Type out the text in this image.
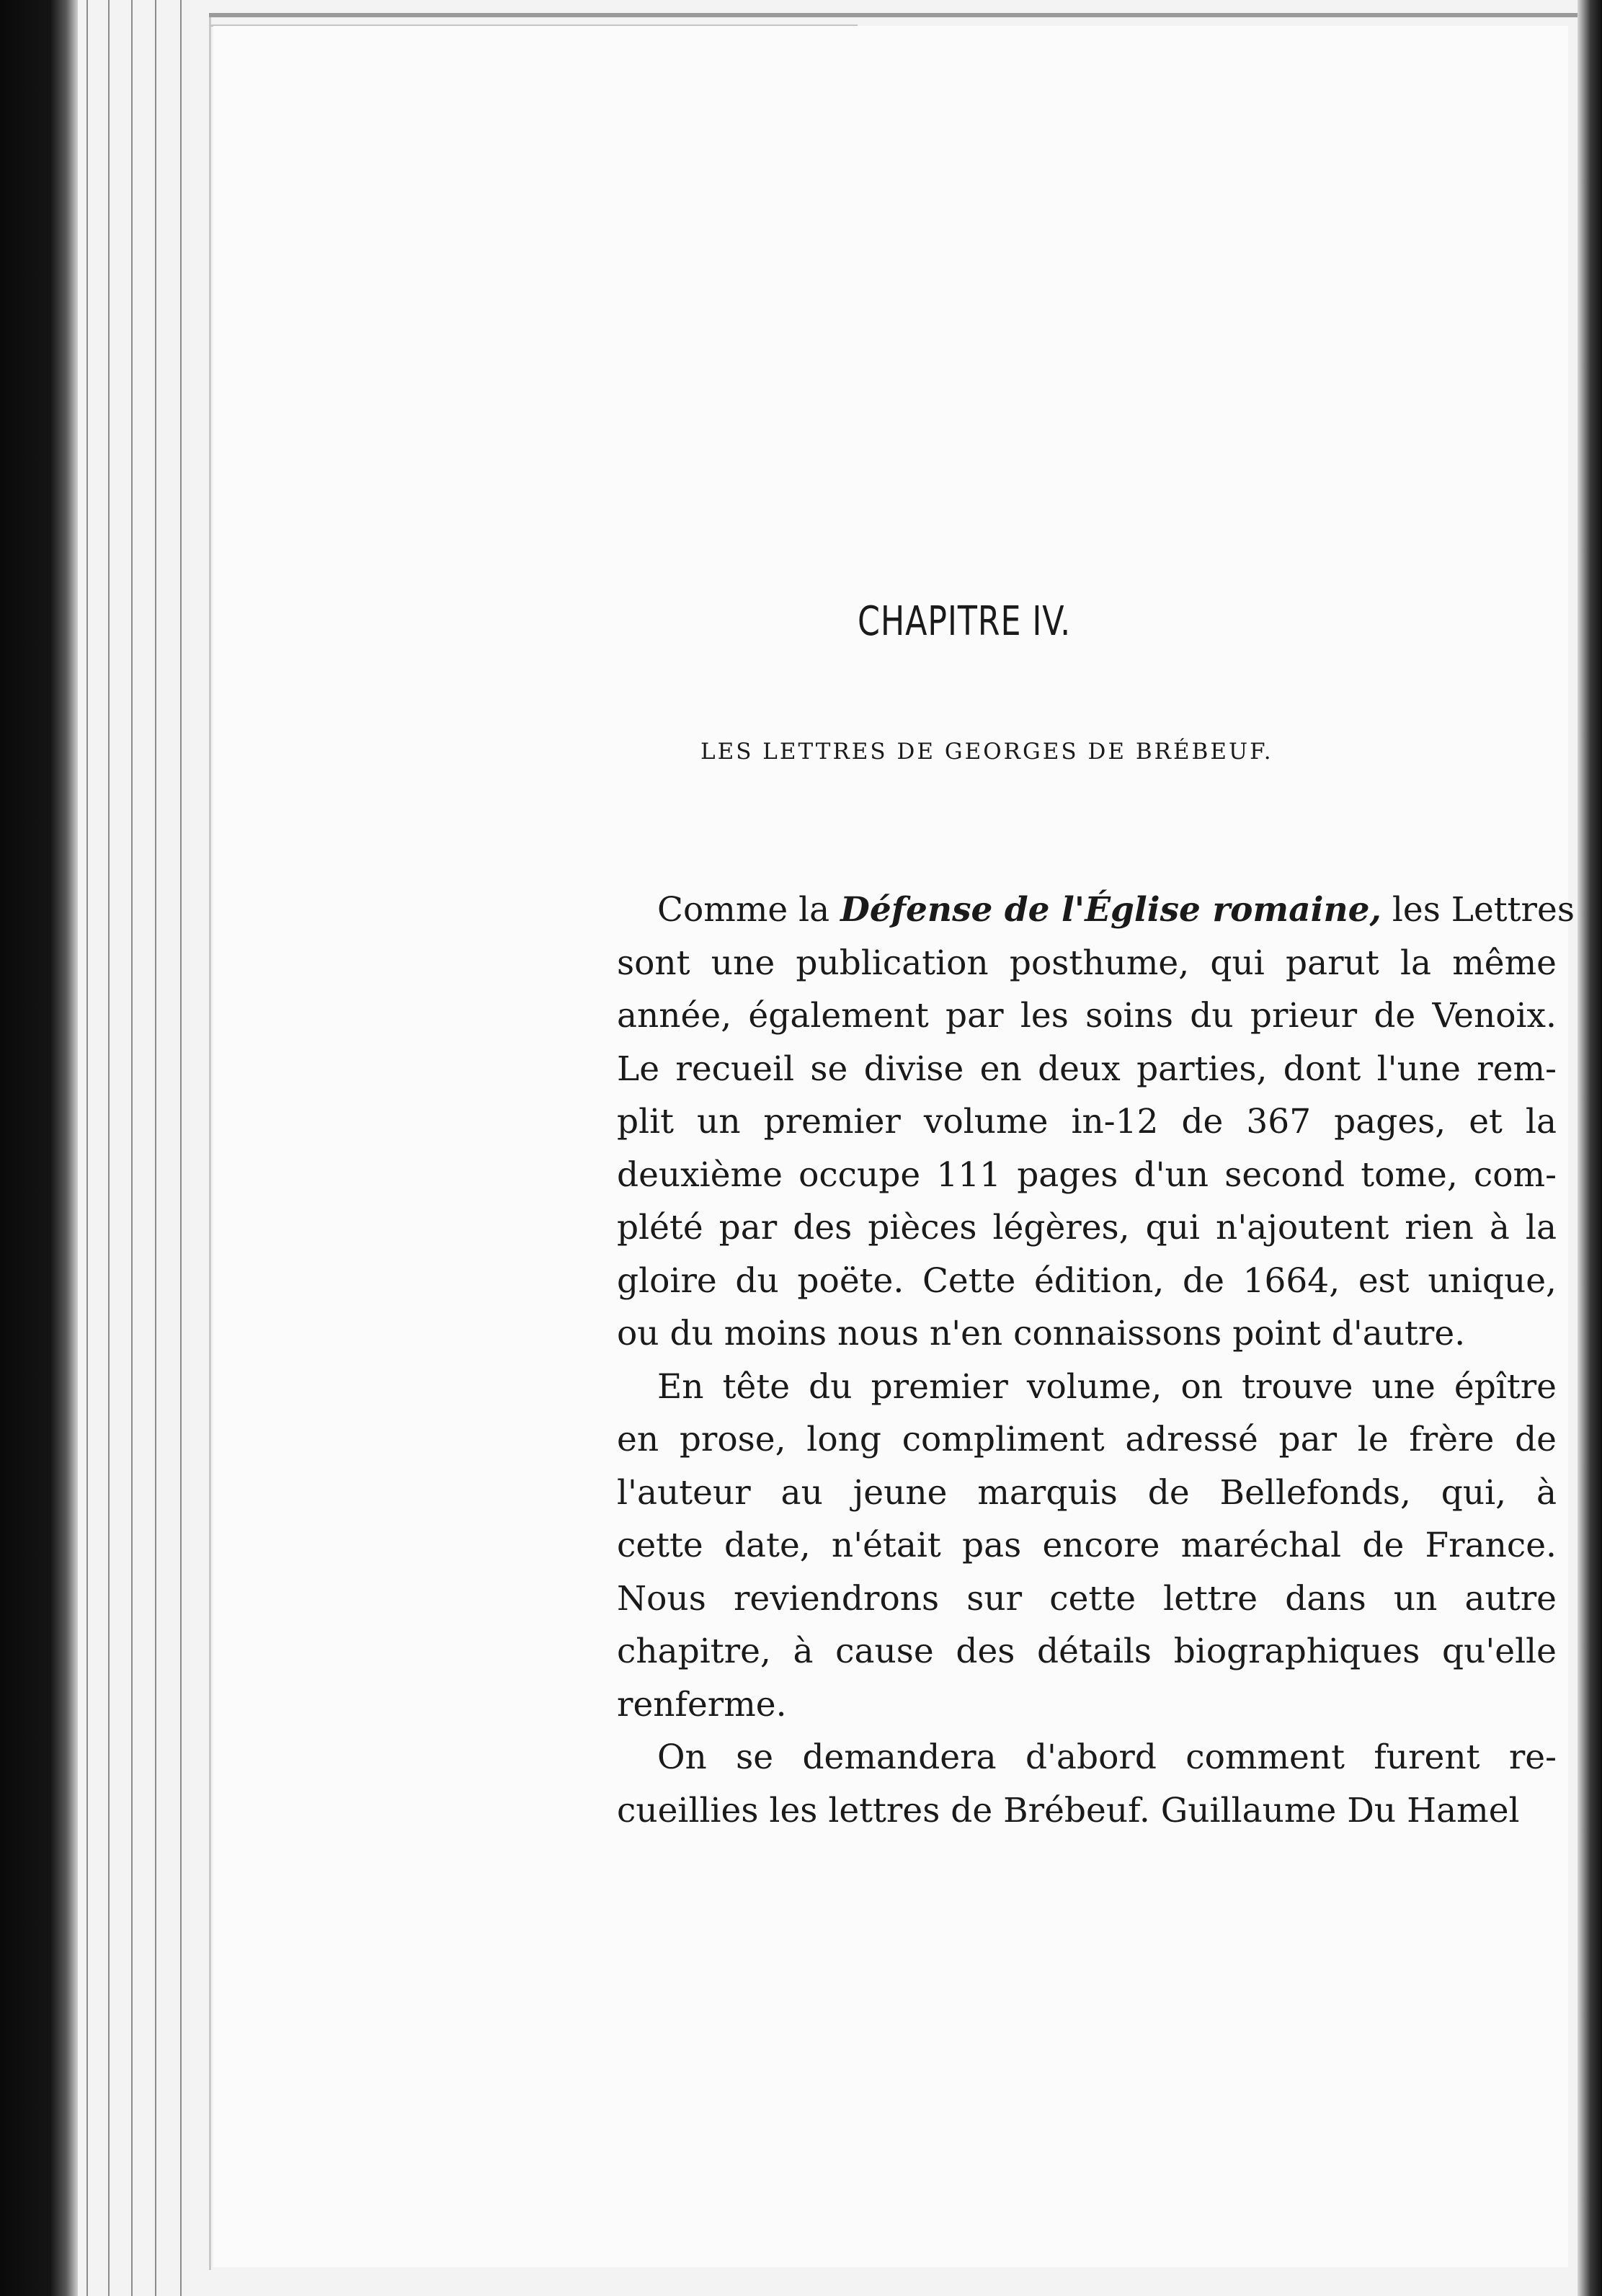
CHAPITRE IV.
LES LETTRES DE GEORGES DE BRÉBEUF.

Comme la Défense de l'Église romaine, les Lettres
sont une publication posthume, qui parut la même
année, également par les soins du prieur de Venoix.
Le recueil se divise en deux parties, dont l'une rem-
plit un premier volume in-12 de 367 pages, et la
deuxième occupe 111 pages d'un second tome, com-
plété par des pièces légères, qui n'ajoutent rien à la
gloire du poëte. Cette édition, de 1664, est unique,
ou du moins nous n'en connaissons point d'autre.

En tête du premier volume, on trouve une épître
en prose, long compliment adressé par le frère de
l'auteur au jeune marquis de Bellefonds, qui, à
cette date, n'était pas encore maréchal de France.
Nous reviendrons sur cette lettre dans un autre
chapitre, à cause des détails biographiques qu'elle
renferme.

On se demandera d'abord comment furent re-
cueillies les lettres de Brébeuf. Guillaume Du Hamel
